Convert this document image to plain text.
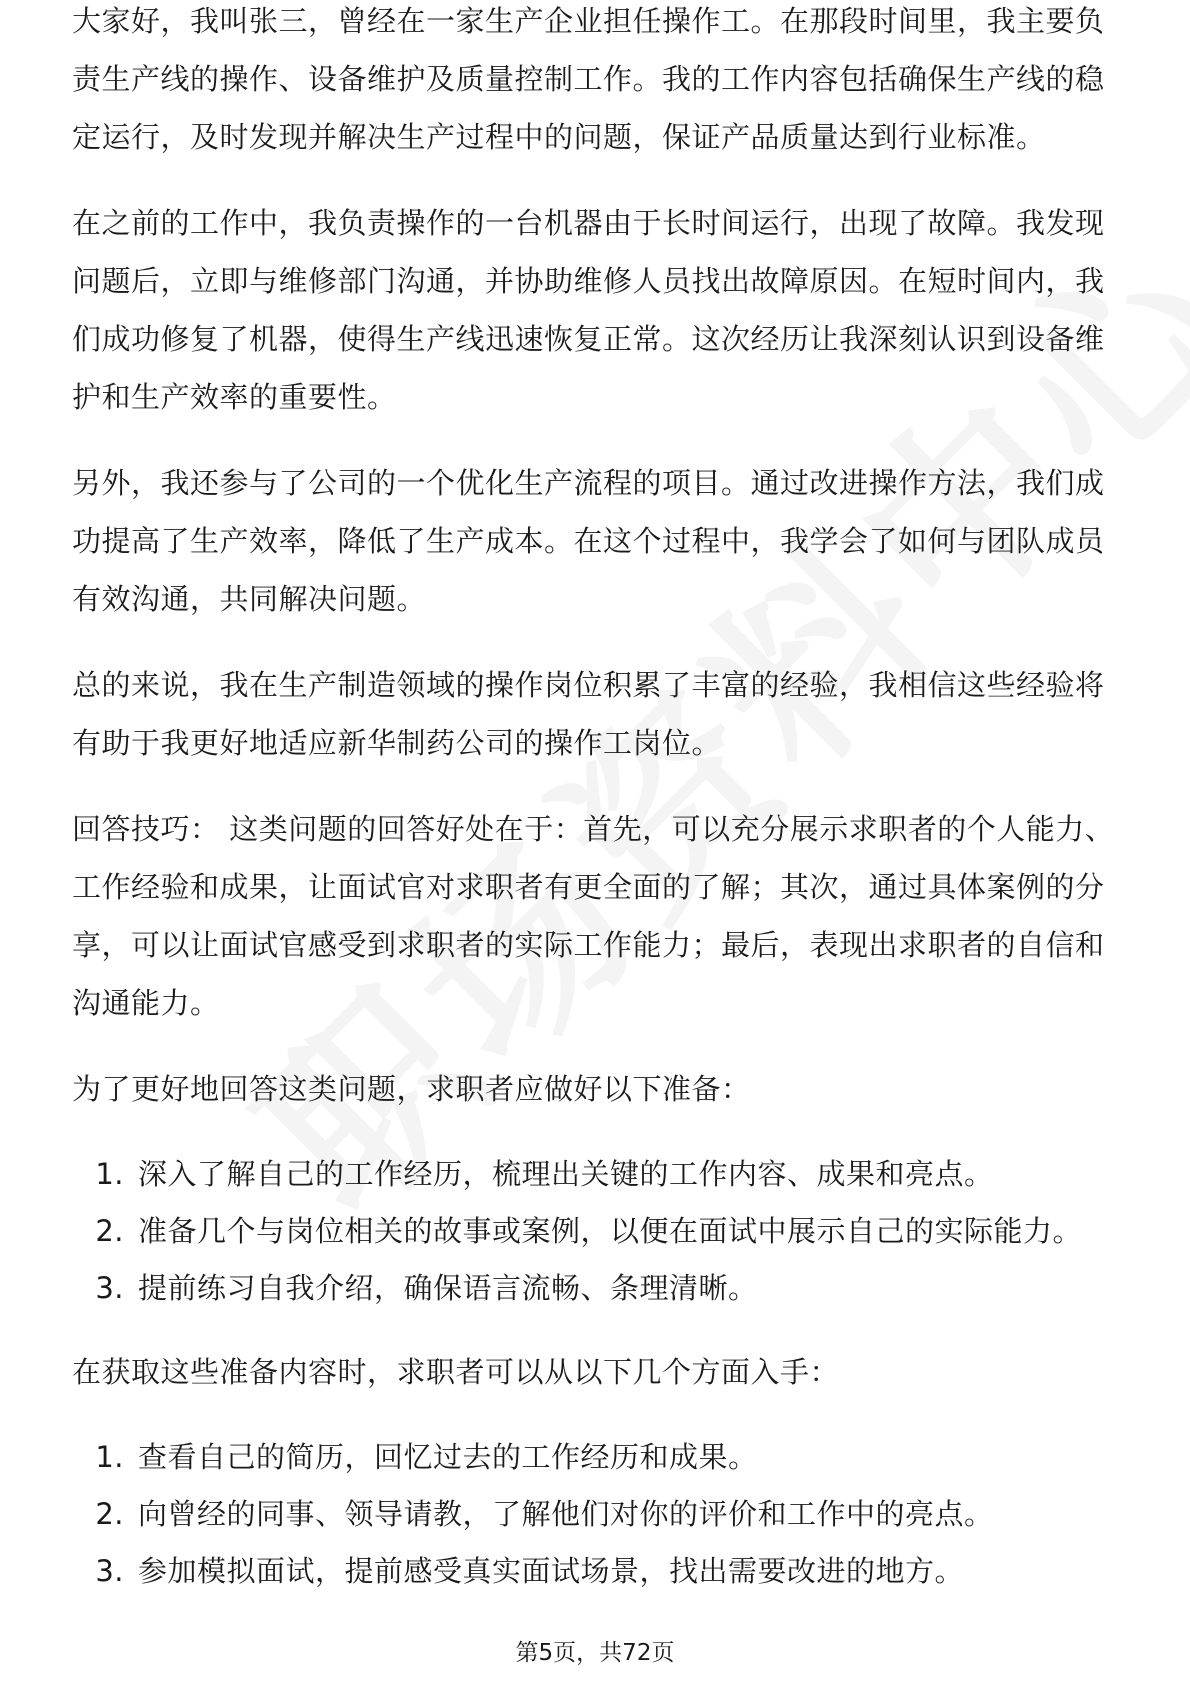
大家好，我叫张三，曾经在一家生产企业担任操作工。在那段时间里，我主要负责生产线的操作、设备维护及质量控制工作。我的工作内容包括确保生产线的稳定运行，及时发现并解决生产过程中的问题，保证产品质量达到行业标准。

在之前的工作中，我负责操作的一台机器由于长时间运行，出现了故障。我发现问题后，立即与维修部门沟通，并协助维修人员找出故障原因。在短时间内，我们成功修复了机器，使得生产线迅速恢复正常。这次经历让我深刻认识到设备维护和生产效率的重要性。

另外，我还参与了公司的一个优化生产流程的项目。通过改进操作方法，我们成功提高了生产效率，降低了生产成本。在这个过程中，我学会了如何与团队成员有效沟通，共同解决问题。

总的来说，我在生产制造领域的操作岗位积累了丰富的经验，我相信这些经验将有助于我更好地适应新华制药公司的操作工岗位。

回答技巧： 这类问题的回答好处在于：首先，可以充分展示求职者的个人能力、工作经验和成果，让面试官对求职者有更全面的了解；其次，通过具体案例的分享，可以让面试官感受到求职者的实际工作能力；最后，表现出求职者的自信和沟通能力。

为了更好地回答这类问题，求职者应做好以下准备：

1. 深入了解自己的工作经历，梳理出关键的工作内容、成果和亮点。
2. 准备几个与岗位相关的故事或案例，以便在面试中展示自己的实际能力。
3. 提前练习自我介绍，确保语言流畅、条理清晰。

在获取这些准备内容时，求职者可以从以下几个方面入手：

1. 查看自己的简历，回忆过去的工作经历和成果。
2. 向曾经的同事、领导请教，了解他们对你的评价和工作中的亮点。
3. 参加模拟面试，提前感受真实面试场景，找出需要改进的地方。
第5页，共72页
